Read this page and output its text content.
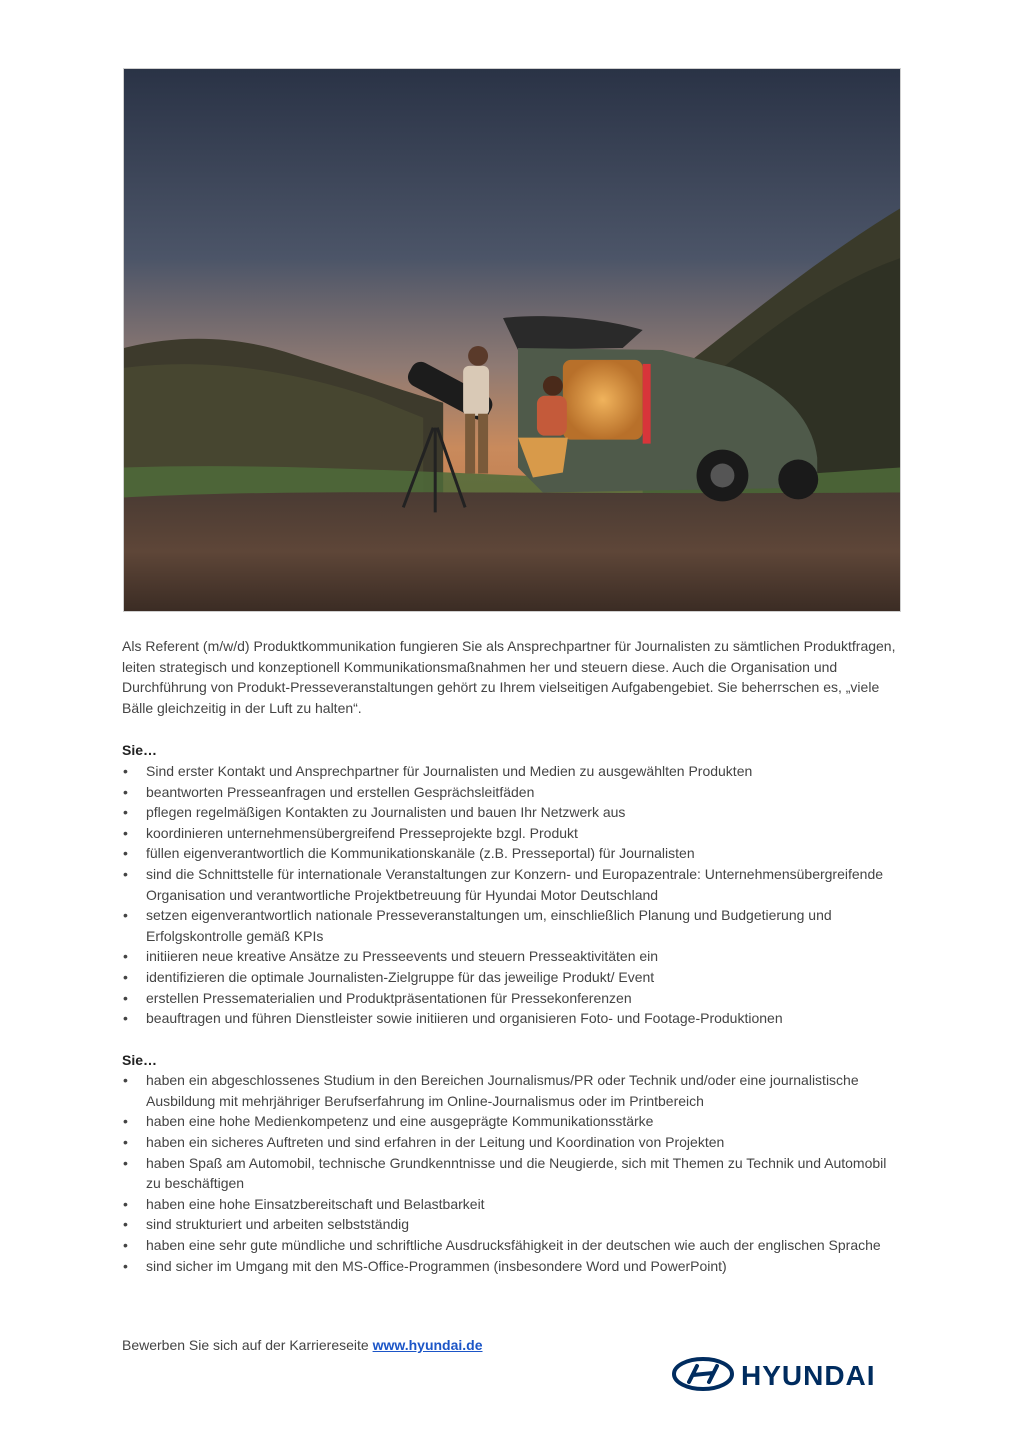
Als Referent (m/w/d) Produktkommunikation fungieren Sie als Ansprechpartner für Journalisten zu sämtlichen Produktfragen, leiten strategisch und konzeptionell Kommunikationsmaßnahmen her und steuern diese. Auch die Organisation und Durchführung von Produkt-Presseveranstaltungen gehört zu Ihrem vielseitigen Aufgabengebiet. Sie beherrschen es, „viele Bälle gleichzeitig in der Luft zu halten“.

Sie…

• Sind erster Kontakt und Ansprechpartner für Journalisten und Medien zu ausgewählten Produkten
• beantworten Presseanfragen und erstellen Gesprächsleitfäden
• pflegen regelmäßigen Kontakten zu Journalisten und bauen Ihr Netzwerk aus
• koordinieren unternehmensübergreifend Presseprojekte bzgl. Produkt
• füllen eigenverantwortlich die Kommunikationskanäle (z.B. Presseportal) für Journalisten
• sind die Schnittstelle für internationale Veranstaltungen zur Konzern- und Europazentrale: Unternehmensübergreifende Organisation und verantwortliche Projektbetreuung für Hyundai Motor Deutschland
• setzen eigenverantwortlich nationale Presseveranstaltungen um, einschließlich Planung und Budgetierung und Erfolgskontrolle gemäß KPIs
• initiieren neue kreative Ansätze zu Presseevents und steuern Presseaktivitäten ein
• identifizieren die optimale Journalisten-Zielgruppe für das jeweilige Produkt/ Event
• erstellen Pressematerialien und Produktpräsentationen für Pressekonferenzen
• beauftragen und führen Dienstleister sowie initiieren und organisieren Foto- und Footage-Produktionen

Sie…

• haben ein abgeschlossenes Studium in den Bereichen Journalismus/PR oder Technik und/oder eine journalistische Ausbildung mit mehrjähriger Berufserfahrung im Online-Journalismus oder im Printbereich
• haben eine hohe Medienkompetenz und eine ausgeprägte Kommunikationsstärke
• haben ein sicheres Auftreten und sind erfahren in der Leitung und Koordination von Projekten
• haben Spaß am Automobil, technische Grundkenntnisse und die Neugierde, sich mit Themen zu Technik und Automobil zu beschäftigen
• haben eine hohe Einsatzbereitschaft und Belastbarkeit
• sind strukturiert und arbeiten selbstständig
• haben eine sehr gute mündliche und schriftliche Ausdrucksfähigkeit in der deutschen wie auch der englischen Sprache
• sind sicher im Umgang mit den MS-Office-Programmen (insbesondere Word und PowerPoint)
Bewerben Sie sich auf der Karriereseite www.hyundai.de
HYUNDAI
